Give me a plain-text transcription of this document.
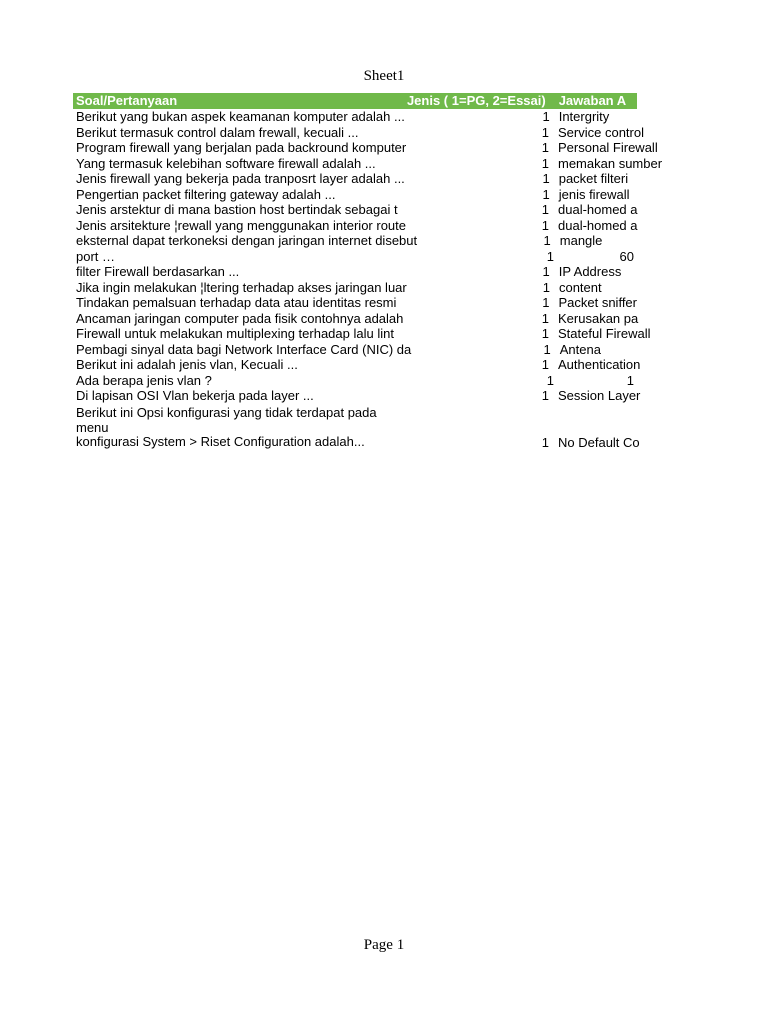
Sheet1
Soal/Pertanyaan	Jenis ( 1=PG, 2=Essai)	Jawaban A
Berikut yang bukan aspek keamanan komputer adalah ...	1 Intergrity
Berikut termasuk control dalam frewall, kecuali ...	1 Service control
Program firewall yang berjalan pada backround komputer	1 Personal Firewall
Yang termasuk kelebihan software firewall adalah ...	1 memakan sumber
Jenis firewall yang bekerja pada tranposrt layer adalah ...	1 packet filteri
Pengertian packet filtering gateway adalah ...	1 jenis firewall
Jenis arstektur di mana bastion host bertindak sebagai t	1 dual-homed a
Jenis arsitekture ¦rewall yang menggunakan interior route	1 dual-homed a
eksternal dapat terkoneksi dengan jaringan internet disebut	1 mangle
port …	1	60
filter Firewall berdasarkan ...	1 IP Address
Jika ingin melakukan ¦ltering terhadap akses jaringan luar	1 content
Tindakan pemalsuan terhadap data atau identitas resmi	1 Packet sniffer
Ancaman jaringan computer pada fisik contohnya adalah	1 Kerusakan pa
Firewall untuk melakukan multiplexing terhadap lalu lint	1 Stateful Firewall
Pembagi sinyal data bagi Network Interface Card (NIC) da	1 Antena
Berikut ini adalah jenis vlan, Kecuali ...	1 Authentication
Ada berapa jenis vlan ?	1	1
Di lapisan OSI Vlan bekerja pada layer ...	1 Session Layer
Berikut ini Opsi konfigurasi yang tidak terdapat pada
menu
konfigurasi System > Riset Configuration adalah...	1 No Default Co
Page 1
